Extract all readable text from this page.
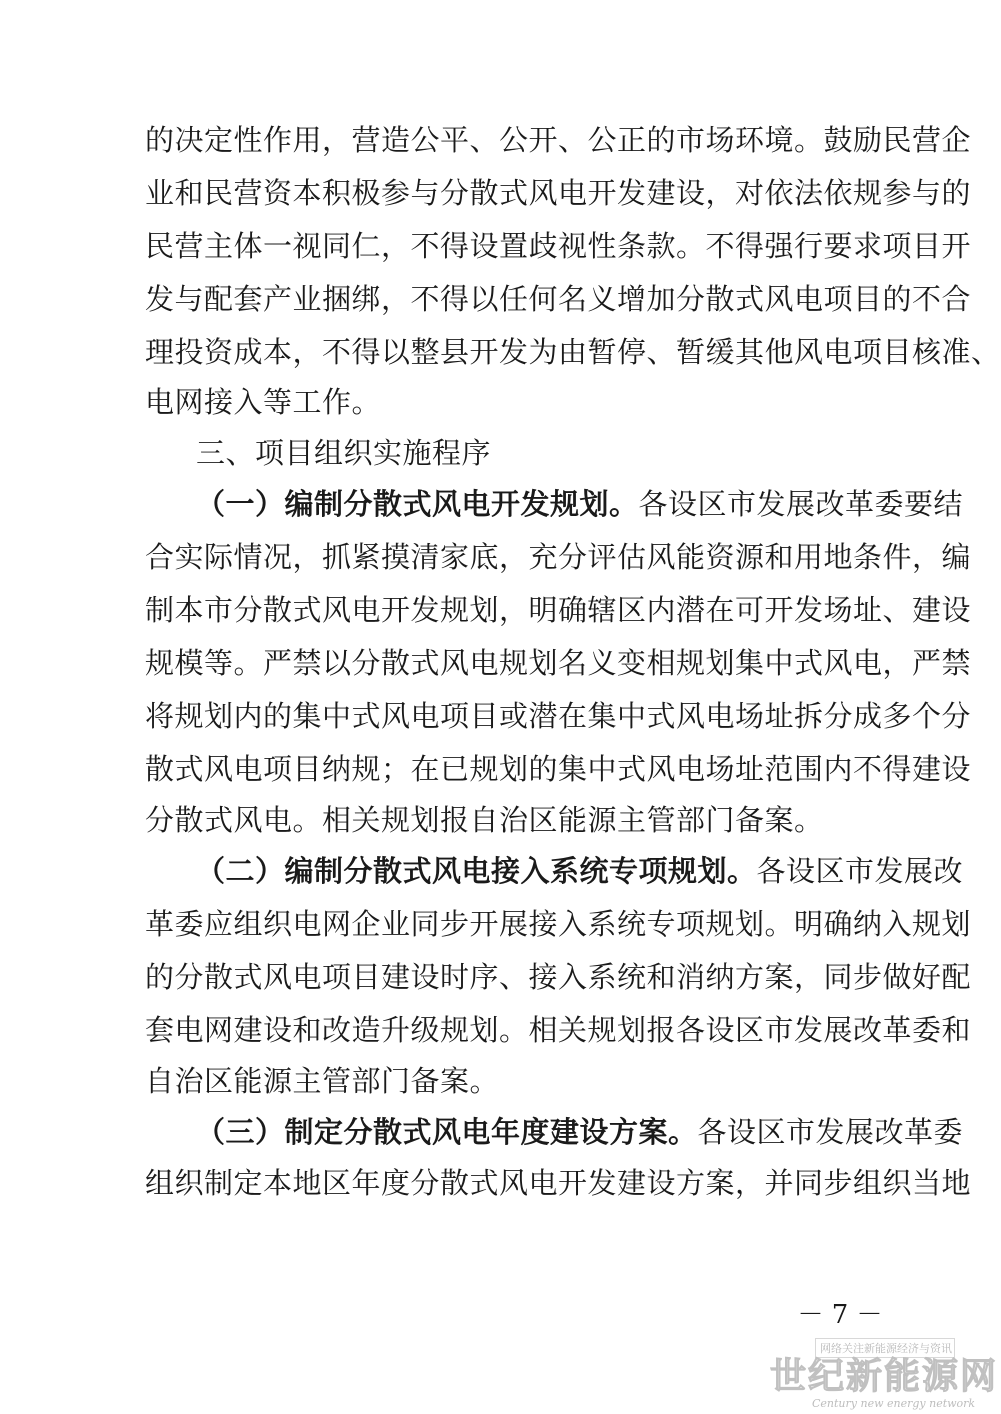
的决定性作用，营造公平、公开、公正的市场环境。鼓励民营企
业和民营资本积极参与分散式风电开发建设，对依法依规参与的
民营主体一视同仁，不得设置歧视性条款。不得强行要求项目开
发与配套产业捆绑，不得以任何名义增加分散式风电项目的不合
理投资成本，不得以整县开发为由暂停、暂缓其他风电项目核准、
电网接入等工作。
三、项目组织实施程序
（一）编制分散式风电开发规划。各设区市发展改革委要结
合实际情况，抓紧摸清家底，充分评估风能资源和用地条件，编
制本市分散式风电开发规划，明确辖区内潜在可开发场址、建设
规模等。严禁以分散式风电规划名义变相规划集中式风电，严禁
将规划内的集中式风电项目或潜在集中式风电场址拆分成多个分
散式风电项目纳规；在已规划的集中式风电场址范围内不得建设
分散式风电。相关规划报自治区能源主管部门备案。
（二）编制分散式风电接入系统专项规划。各设区市发展改
革委应组织电网企业同步开展接入系统专项规划。明确纳入规划
的分散式风电项目建设时序、接入系统和消纳方案，同步做好配
套电网建设和改造升级规划。相关规划报各设区市发展改革委和
自治区能源主管部门备案。
（三）制定分散式风电年度建设方案。各设区市发展改革委
组织制定本地区年度分散式风电开发建设方案，并同步组织当地
－ 7 －
网络关注新能源经济与资讯
世纪新能源网
Century new energy network
